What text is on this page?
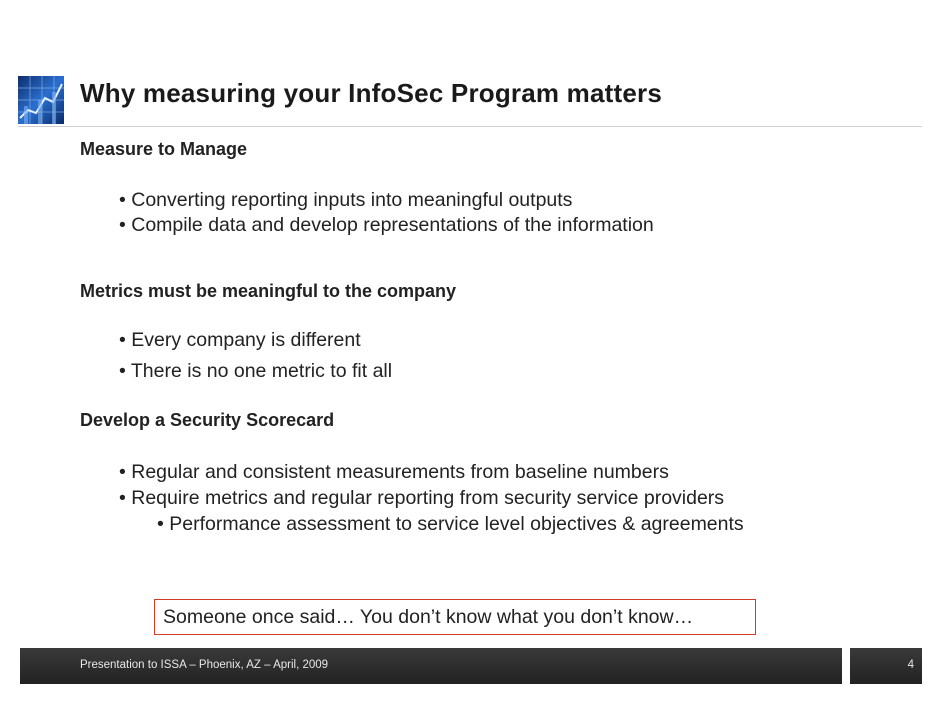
Why measuring your InfoSec Program matters

Measure to Manage

• Converting reporting inputs into meaningful outputs

• Compile data and develop representations of the information

Metrics must be meaningful to the company

• Every company is different

• There is no one metric to fit all

Develop a Security Scorecard

• Regular and consistent measurements from baseline numbers

• Require metrics and regular reporting from security service providers

• Performance assessment to service level objectives & agreements

Someone once said… You don’t know what you don’t know…

Presentation to ISSA – Phoenix, AZ – April, 2009	4
